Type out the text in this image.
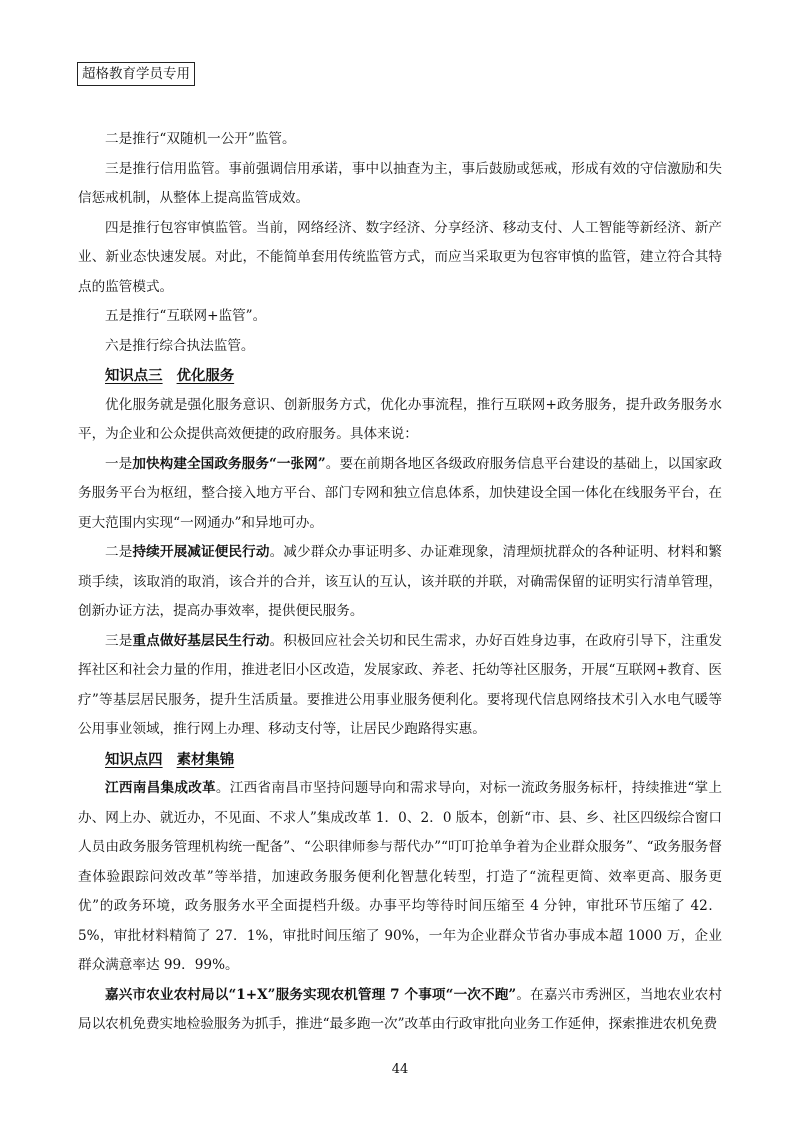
超格教育学员专用

二是推行“双随机一公开”监管。

三是推行信用监管。事前强调信用承诺，事中以抽查为主，事后鼓励或惩戒，形成有效的守信激励和失信惩戒机制，从整体上提高监管成效。

四是推行包容审慎监管。当前，网络经济、数字经济、分享经济、移动支付、人工智能等新经济、新产业、新业态快速发展。对此，不能简单套用传统监管方式，而应当采取更为包容审慎的监管，建立符合其特点的监管模式。

五是推行“互联网+监管”。

六是推行综合执法监管。

知识点三 优化服务

优化服务就是强化服务意识、创新服务方式，优化办事流程，推行互联网+政务服务，提升政务服务水平，为企业和公众提供高效便捷的政府服务。具体来说：

一是加快构建全国政务服务“一张网”。要在前期各地区各级政府服务信息平台建设的基础上，以国家政务服务平台为枢纽，整合接入地方平台、部门专网和独立信息体系，加快建设全国一体化在线服务平台，在更大范围内实现“一网通办”和异地可办。

二是持续开展减证便民行动。减少群众办事证明多、办证难现象，清理烦扰群众的各种证明、材料和繁琐手续，该取消的取消，该合并的合并，该互认的互认，该并联的并联，对确需保留的证明实行清单管理，创新办证方法，提高办事效率，提供便民服务。

三是重点做好基层民生行动。积极回应社会关切和民生需求，办好百姓身边事，在政府引导下，注重发挥社区和社会力量的作用，推进老旧小区改造，发展家政、养老、托幼等社区服务，开展“互联网+教育、医疗”等基层居民服务，提升生活质量。要推进公用事业服务便利化。要将现代信息网络技术引入水电气暖等公用事业领域，推行网上办理、移动支付等，让居民少跑路得实惠。

知识点四 素材集锦

江西南昌集成改革。江西省南昌市坚持问题导向和需求导向，对标一流政务服务标杆，持续推进“掌上办、网上办、就近办，不见面、不求人”集成改革 1．0、2．0 版本，创新“市、县、乡、社区四级综合窗口人员由政务服务管理机构统一配备”、“公职律师参与帮代办”“叮叮抢单争着为企业群众服务”、“政务服务督查体验跟踪问效改革”等举措，加速政务服务便利化智慧化转型，打造了“流程更简、效率更高、服务更优”的政务环境，政务服务水平全面提档升级。办事平均等待时间压缩至 4 分钟，审批环节压缩了 42．5%，审批材料精简了 27．1%，审批时间压缩了 90%，一年为企业群众节省办事成本超 1000 万，企业群众满意率达 99．99%。

嘉兴市农业农村局以“1+X”服务实现农机管理 7 个事项“一次不跑”。在嘉兴市秀洲区，当地农业农村局以农机免费实地检验服务为抓手，推进“最多跑一次”改革由行政审批向业务工作延伸，探索推进农机免费

44
